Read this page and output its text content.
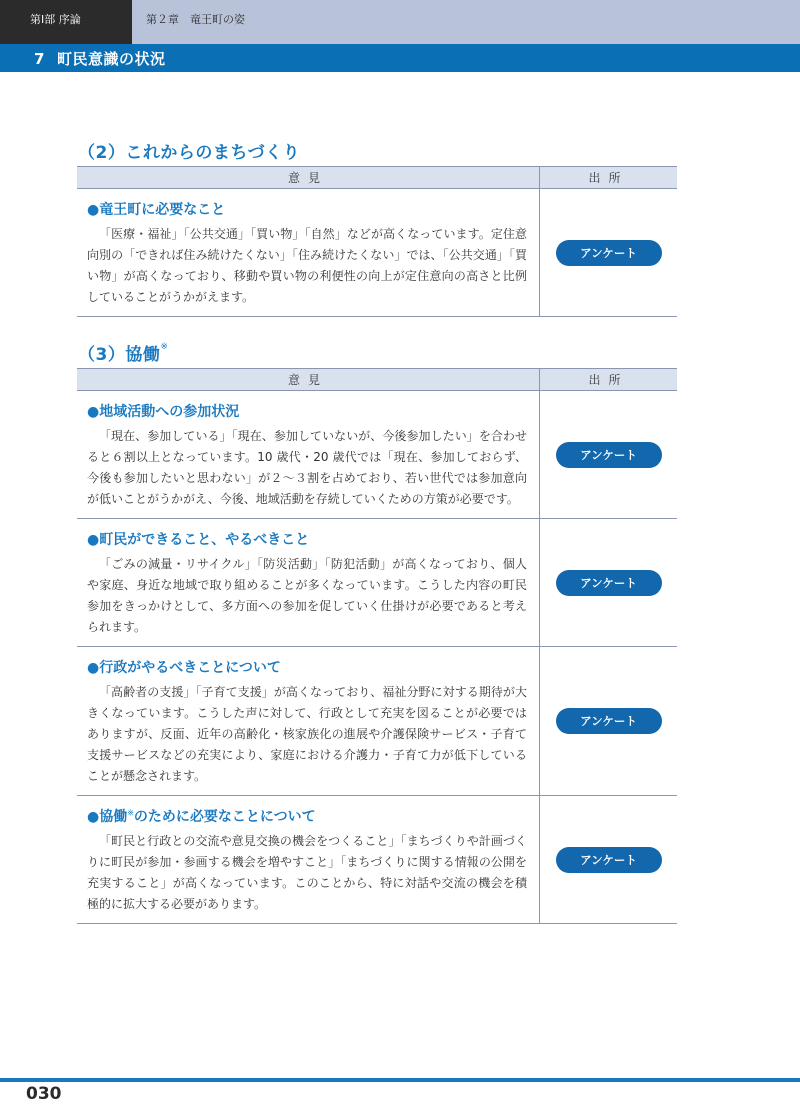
第Ⅰ部 序論	第２章　竜王町の姿
7 町民意識の状況
（2）これからのまちづくり
意見	出所

●竜王町に必要なこと

「医療・福祉」「公共交通」「買い物」「自然」などが高くなっています。定住意向別の「できれば住み続けたくない」「住み続けたくない」では、「公共交通」「買い物」が高くなっており、移動や買い物の利便性の向上が定住意向の高さと比例していることがうかがえます。	アンケート
（3）協働※
意見	出所

●地域活動への参加状況

「現在、参加している」「現在、参加していないが、今後参加したい」を合わせると６割以上となっています。10 歳代・20 歳代では「現在、参加しておらず、今後も参加したいと思わない」が２～３割を占めており、若い世代では参加意向が低いことがうかがえ、今後、地域活動を存続していくための方策が必要です。	アンケート

●町民ができること、やるべきこと

「ごみの減量・リサイクル」「防災活動」「防犯活動」が高くなっており、個人や家庭、身近な地域で取り組めることが多くなっています。こうした内容の町民参加をきっかけとして、多方面への参加を促していく仕掛けが必要であると考えられます。	アンケート

●行政がやるべきことについて

「高齢者の支援」「子育て支援」が高くなっており、福祉分野に対する期待が大きくなっています。こうした声に対して、行政として充実を図ることが必要ではありますが、反面、近年の高齢化・核家族化の進展や介護保険サービス・子育て支援サービスなどの充実により、家庭における介護力・子育て力が低下していることが懸念されます。	アンケート

●協働※のために必要なことについて

「町民と行政との交流や意見交換の機会をつくること」「まちづくりや計画づくりに町民が参加・参画する機会を増やすこと」「まちづくりに関する情報の公開を充実すること」が高くなっています。このことから、特に対話や交流の機会を積極的に拡大する必要があります。	アンケート
030
